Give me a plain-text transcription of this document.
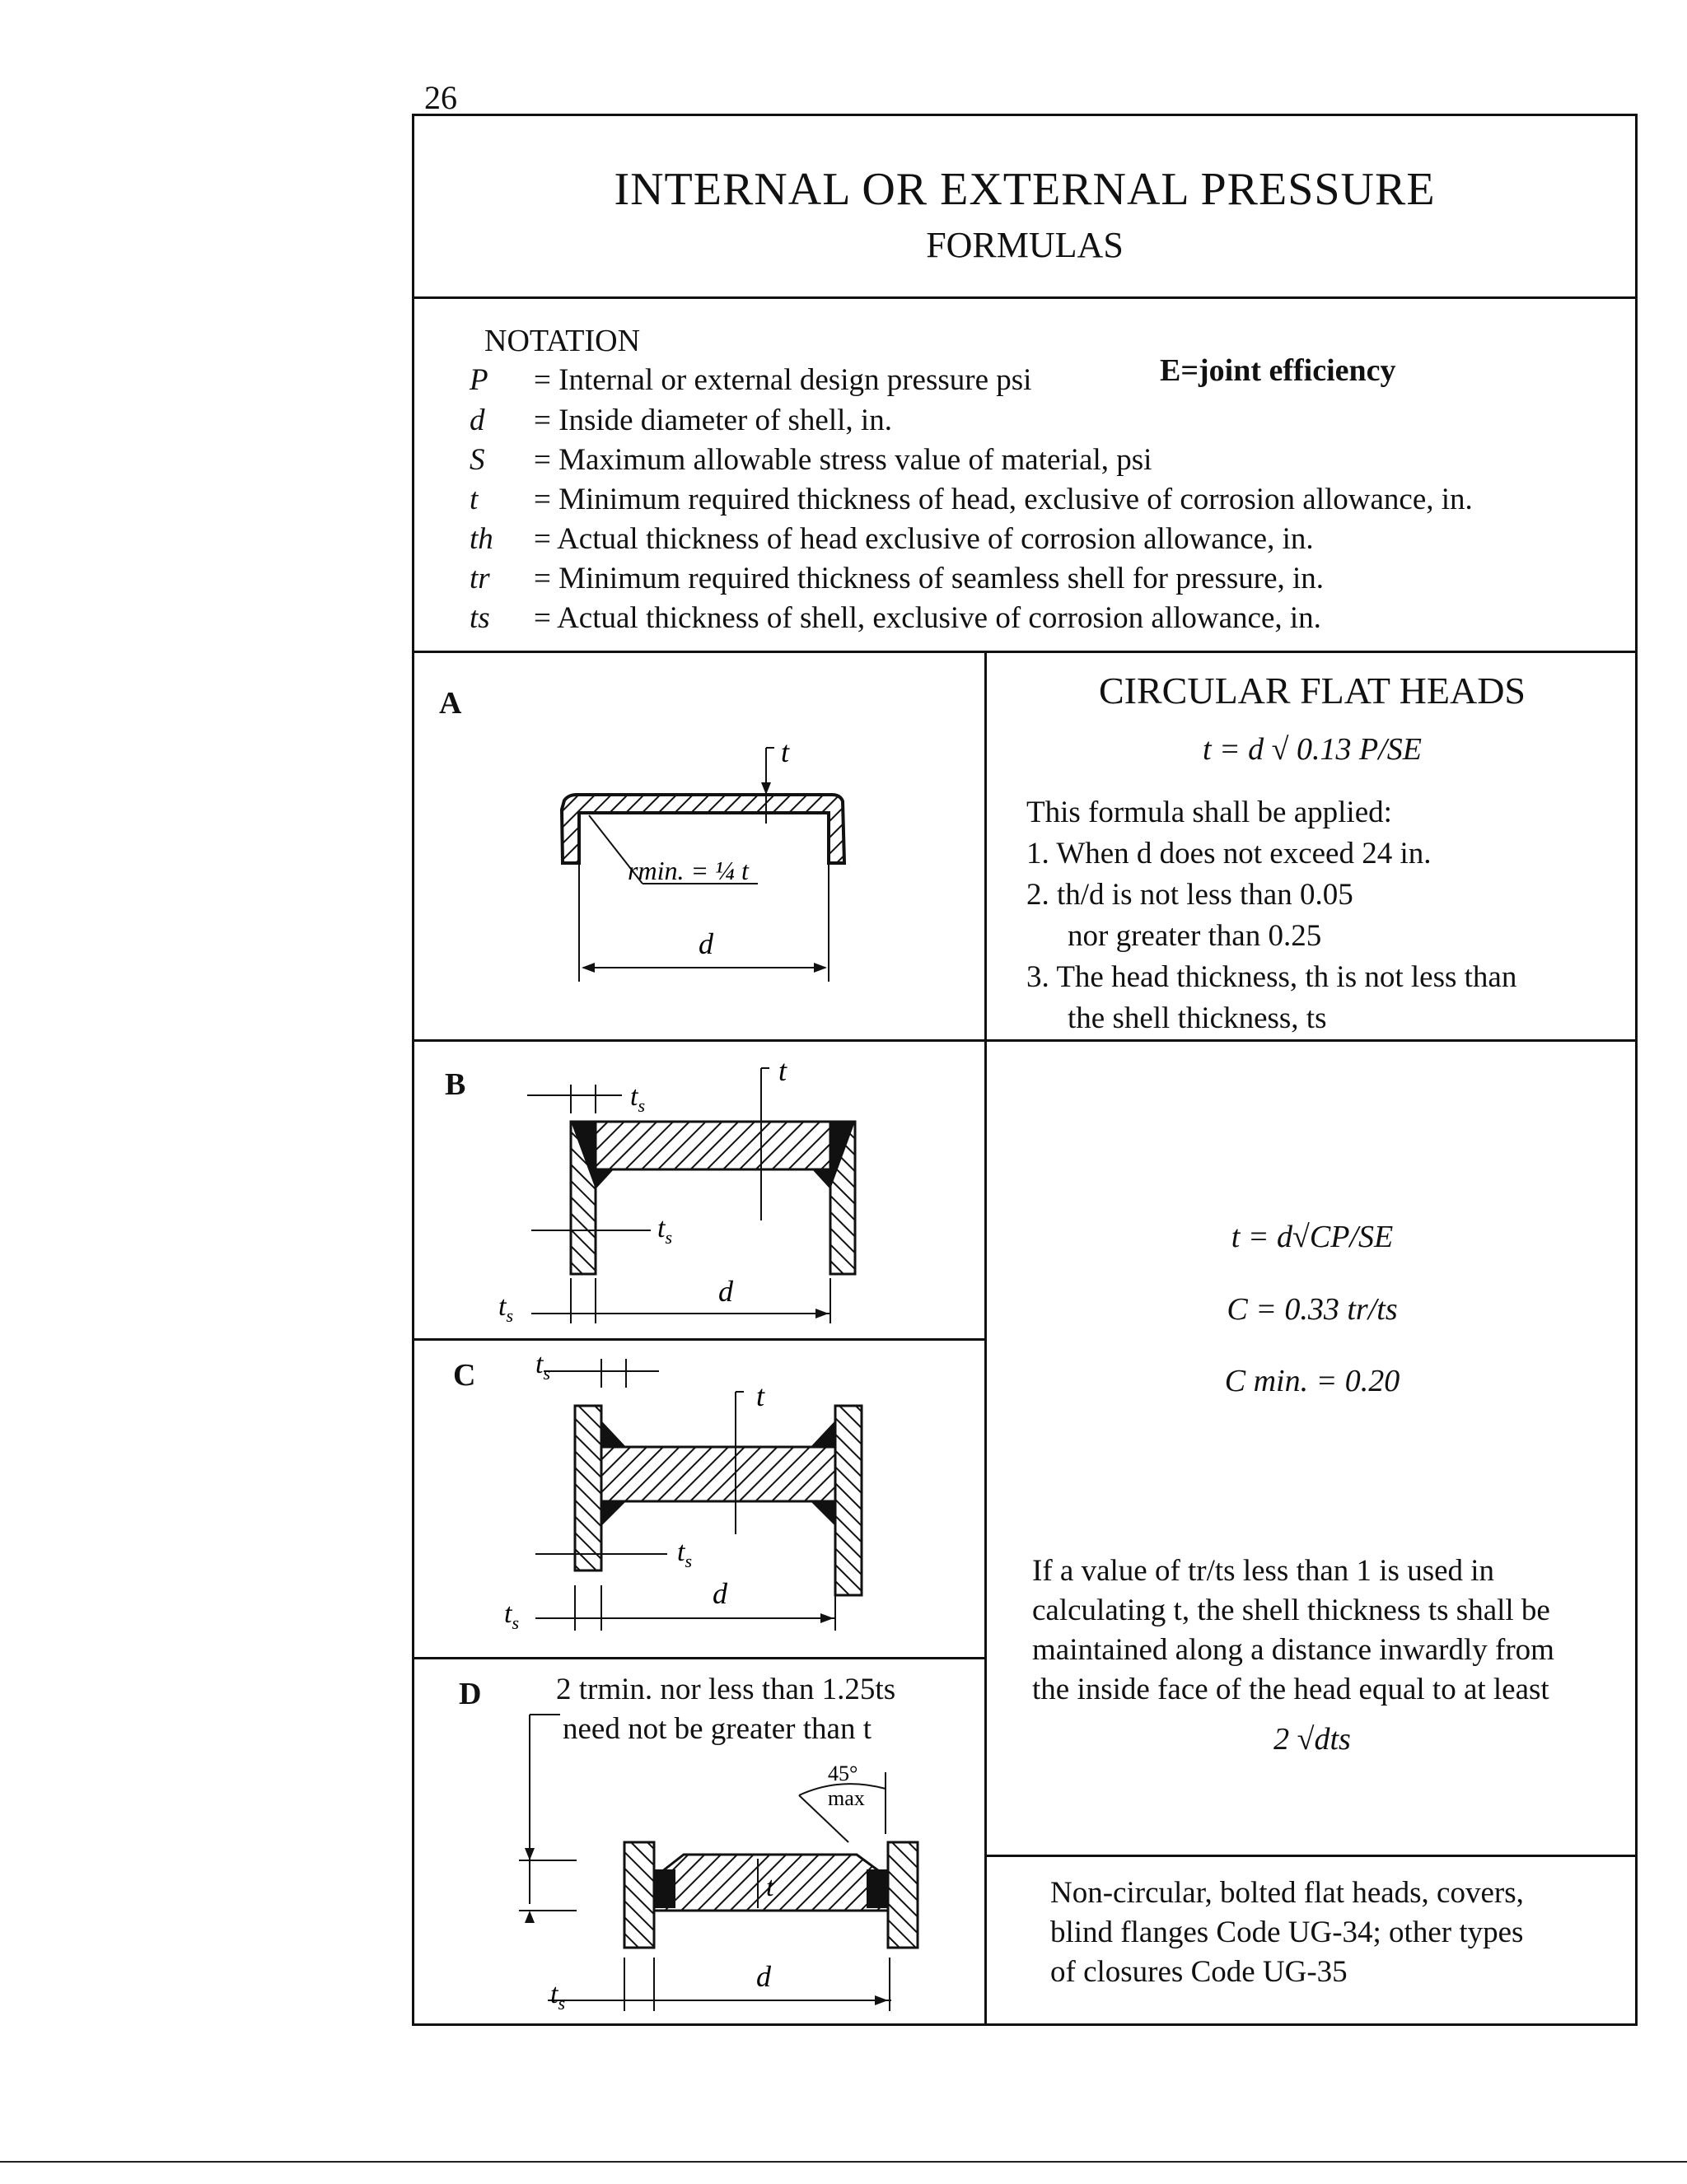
26
INTERNAL OR EXTERNAL PRESSURE
FORMULAS
NOTATION
E=joint efficiency
P = Internal or external design pressure psi
d = Inside diameter of shell, in.
S = Maximum allowable stress value of material, psi
t = Minimum required thickness of head, exclusive of corrosion allowance, in.
th = Actual thickness of head exclusive of corrosion allowance, in.
tr = Minimum required thickness of seamless shell for pressure, in.
ts = Actual thickness of shell, exclusive of corrosion allowance, in.
A	CIRCULAR FLAT HEADS
t = d √ 0.13 P/SE
This formula shall be applied:
1. When d does not exceed 24 in.
2. th/d is not less than 0.05
nor greater than 0.25
3. The head thickness, th is not less than
the shell thickness, ts
t
rmin. = ¼ t
d
B	t
$t_s$
$t_s$
$t_s$
d
C
t
$t_s$
$t_s$
$t_s$
d
t = d√CP/SE
C = 0.33 tr/ts
C min. = 0.20
If a value of tr/ts less than 1 is used in
calculating t, the shell thickness ts shall be
maintained along a distance inwardly from
the inside face of the head equal to at least
2 √dts
D 2 trmin. nor less than 1.25ts
need not be greater than t
t
45°
max
$t_s$
d
Non-circular, bolted flat heads, covers,
blind flanges Code UG-34; other types
of closures Code UG-35
